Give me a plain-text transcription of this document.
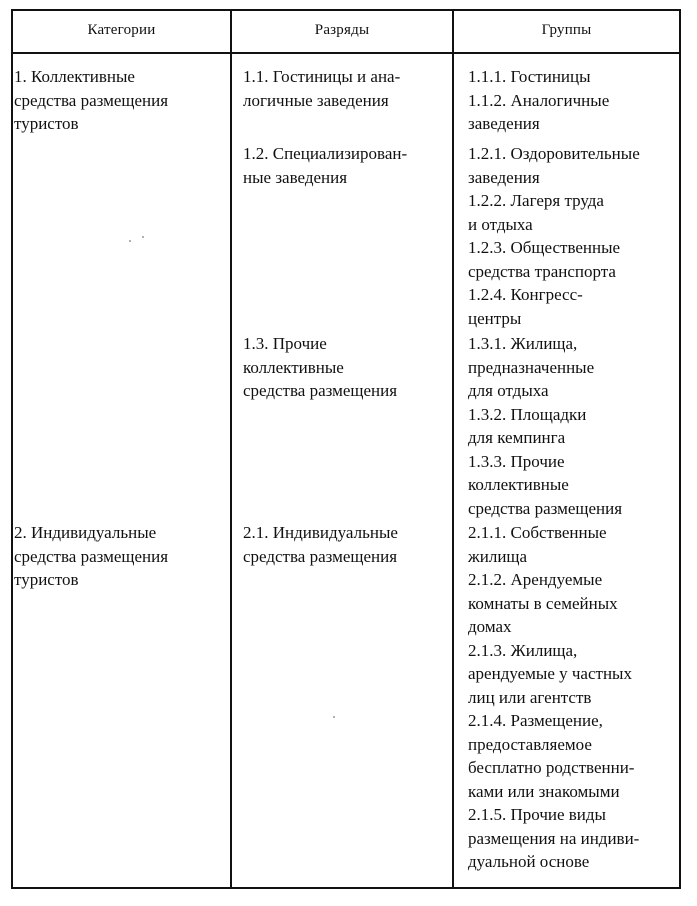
Категории	Разряды	Группы
1. Коллективные
средства размещения
туристов
1.1. Гостиницы и ана-
логичные заведения
1.1.1. Гостиницы
1.1.2. Аналогичные
заведения
1.2. Специализирован-
ные заведения
1.2.1. Оздоровительные
заведения
1.2.2. Лагеря труда
и отдыха
1.2.3. Общественные
средства транспорта
1.2.4. Конгресс-
центры
1.3. Прочие
коллективные
средства размещения
1.3.1. Жилища,
предназначенные
для отдыха
1.3.2. Площадки
для кемпинга
1.3.3. Прочие
коллективные
средства размещения
2. Индивидуальные
средства размещения
туристов
2.1. Индивидуальные
средства размещения
2.1.1. Собственные
жилища
2.1.2. Арендуемые
комнаты в семейных
домах
2.1.3. Жилища,
арендуемые у частных
лиц или агентств
2.1.4. Размещение,
предоставляемое
бесплатно родственни-
ками или знакомыми
2.1.5. Прочие виды
размещения на индиви-
дуальной основе
